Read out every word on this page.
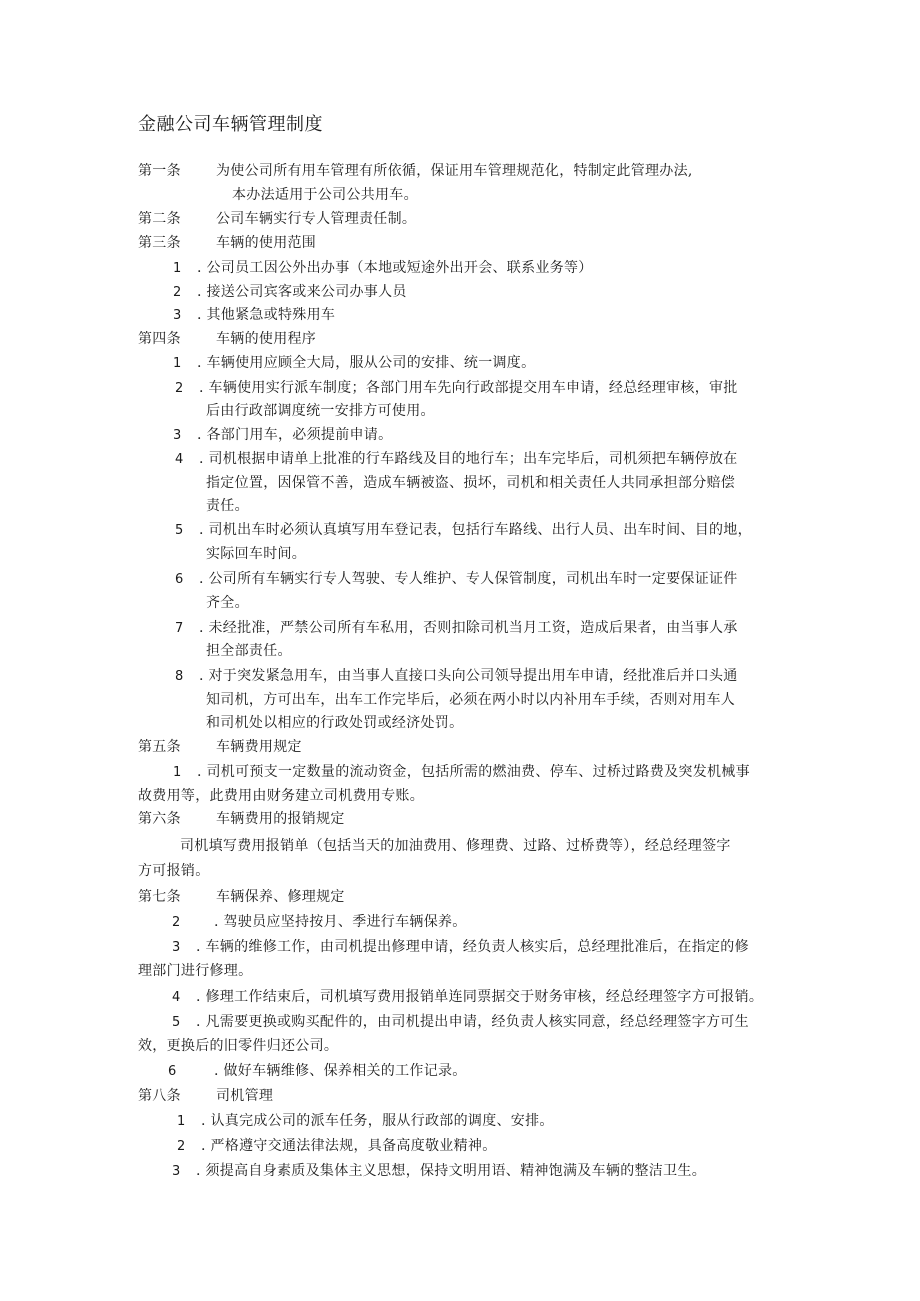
金融公司车辆管理制度
第一条	为使公司所有用车管理有所依循，保证用车管理规范化，特制定此管理办法,
本办法适用于公司公共用车。
第二条	公司车辆实行专人管理责任制。
第三条	车辆的使用范围
1 . 公司员工因公外出办事（本地或短途外出开会、联系业务等）
2 . 接送公司宾客或来公司办事人员
3 . 其他紧急或特殊用车
第四条	车辆的使用程序
1 . 车辆使用应顾全大局，服从公司的安排、统一调度。
2 . 车辆使用实行派车制度；各部门用车先向行政部提交用车申请，经总经理审核，审批
后由行政部调度统一安排方可使用。
3 . 各部门用车，必须提前申请。
4 . 司机根据申请单上批准的行车路线及目的地行车；出车完毕后，司机须把车辆停放在
指定位置，因保管不善，造成车辆被盗、损坏，司机和相关责任人共同承担部分赔偿
责任。
5 . 司机出车时必须认真填写用车登记表，包括行车路线、出行人员、出车时间、目的地，
实际回车时间。
6 . 公司所有车辆实行专人驾驶、专人维护、专人保管制度，司机出车时一定要保证证件
齐全。
7 . 未经批准，严禁公司所有车私用，否则扣除司机当月工资，造成后果者，由当事人承
担全部责任。
8 . 对于突发紧急用车，由当事人直接口头向公司领导提出用车申请，经批准后并口头通
知司机，方可出车，出车工作完毕后，必须在两小时以内补用车手续，否则对用车人
和司机处以相应的行政处罚或经济处罚。
第五条	车辆费用规定
1 . 司机可预支一定数量的流动资金，包括所需的燃油费、停车、过桥过路费及突发机械事
故费用等，此费用由财务建立司机费用专账。
第六条	车辆费用的报销规定
司机填写费用报销单（包括当天的加油费用、修理费、过路、过桥费等），经总经理签字
方可报销。
第七条	车辆保养、修理规定
2 . 驾驶员应坚持按月、季进行车辆保养。
3 . 车辆的维修工作，由司机提出修理申请，经负责人核实后，总经理批准后，在指定的修
理部门进行修理。
4 . 修理工作结束后，司机填写费用报销单连同票据交于财务审核，经总经理签字方可报销。
5 . 凡需要更换或购买配件的，由司机提出申请，经负责人核实同意，经总经理签字方可生
效，更换后的旧零件归还公司。
6	. 做好车辆维修、保养相关的工作记录。
第八条	司机管理
1 . 认真完成公司的派车任务，服从行政部的调度、安排。
2 . 严格遵守交通法律法规，具备高度敬业精神。
3 . 须提高自身素质及集体主义思想，保持文明用语、精神饱满及车辆的整洁卫生。
